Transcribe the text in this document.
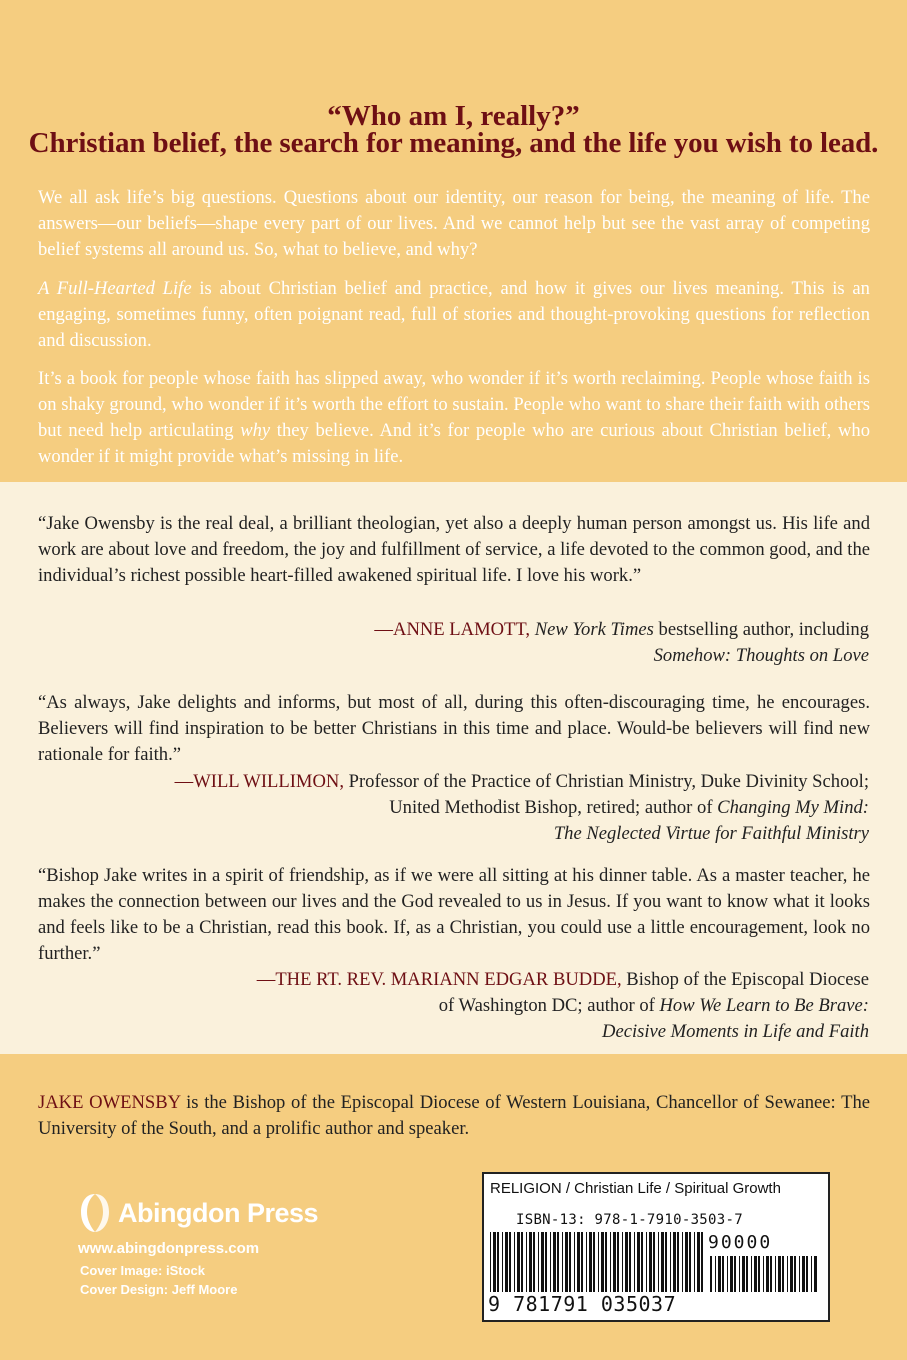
“Who am I, really?”
Christian belief, the search for meaning, and the life you wish to lead.
We all ask life’s big questions. Questions about our identity, our reason for being, the meaning of life. The answers—our beliefs—shape every part of our lives. And we cannot help but see the vast array of competing belief systems all around us. So, what to believe, and why?
A Full-Hearted Life is about Christian belief and practice, and how it gives our lives meaning. This is an engaging, sometimes funny, often poignant read, full of stories and thought-provoking questions for reflection and discussion.
It’s a book for people whose faith has slipped away, who wonder if it’s worth reclaiming. People whose faith is on shaky ground, who wonder if it’s worth the effort to sustain. People who want to share their faith with others but need help articulating why they believe. And it’s for people who are curious about Christian belief, who wonder if it might provide what’s missing in life.
“Jake Owensby is the real deal, a brilliant theologian, yet also a deeply human person amongst us. His life and work are about love and freedom, the joy and fulfillment of service, a life devoted to the common good, and the individual’s richest possible heart-filled awakened spiritual life. I love his work.”
—ANNE LAMOTT, New York Times bestselling author, including
Somehow: Thoughts on Love
“As always, Jake delights and informs, but most of all, during this often-discouraging time, he encourages. Believers will find inspiration to be better Christians in this time and place. Would-be believers will find new rationale for faith.”
—WILL WILLIMON, Professor of the Practice of Christian Ministry, Duke Divinity School;
United Methodist Bishop, retired; author of Changing My Mind:
The Neglected Virtue for Faithful Ministry
“Bishop Jake writes in a spirit of friendship, as if we were all sitting at his dinner table. As a master teacher, he makes the connection between our lives and the God revealed to us in Jesus. If you want to know what it looks and feels like to be a Christian, read this book. If, as a Christian, you could use a little encouragement, look no further.”
—THE RT. REV. MARIANN EDGAR BUDDE, Bishop of the Episcopal Diocese
of Washington DC; author of How We Learn to Be Brave:
Decisive Moments in Life and Faith
JAKE OWENSBY is the Bishop of the Episcopal Diocese of Western Louisiana, Chancellor of Sewanee: The University of the South, and a prolific author and speaker.
Abingdon Press
www.abingdonpress.com
Cover Image: iStock
Cover Design: Jeff Moore
RELIGION / Christian Life / Spiritual Growth
ISBN-13: 978-1-7910-3503-7
90000
9 781791 035037
